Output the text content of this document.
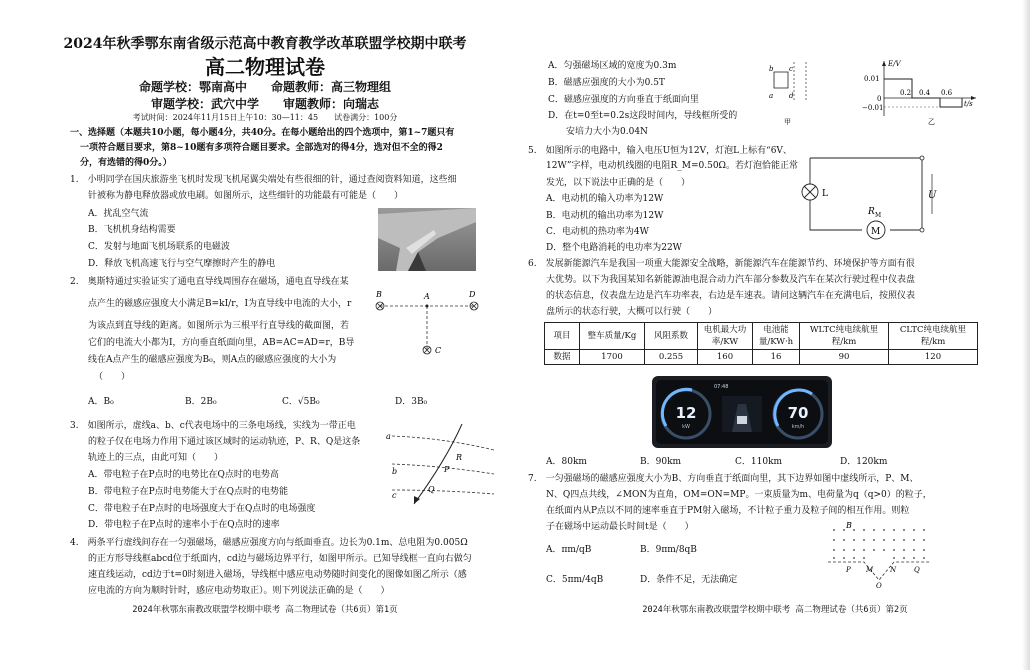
2024年秋季鄂东南省级示范高中教育教学改革联盟学校期中联考
高二物理试卷
命题学校：鄂南高中　　命题教师：高三物理组
审题学校：武穴中学　　审题教师：向瑞志
考试时间：2024年11月15日上午10：30—11：45　　试卷满分：100分
一、选择题（本题共10小题，每小题4分，共40分。在每小题给出的四个选项中，第1~7题只有
一项符合题目要求，第8~10题有多项符合题目要求。全部选对的得4分，选对但不全的得2
分，有选错的得0分。）
1.　小明同学在国庆旅游坐飞机时发现飞机尾翼尖端处有些很细的针，通过查阅资料知道，这些细
针被称为静电释放器或放电刷。如图所示，这些细针的功能最有可能是（　　）
A．扰乱空气流
B．飞机机身结构需要
C．发射与地面飞机场联系的电磁波
D．释放飞机高速飞行与空气摩擦时产生的静电
2.　奥斯特通过实验证实了通电直导线周围存在磁场，通电直导线在某
点产生的磁感应强度大小满足B=kI/r，I为直导线中电流的大小，r
为该点到直导线的距离。如图所示为三根平行直导线的截面图，若
它们的电流大小都为I，方向垂直纸面向里，AB=AC=AD=r，B导
线在A点产生的磁感应强度为B₀，则A点的磁感应强度的大小为
（　　）
A．B₀	B．2B₀	C．√5B₀	D．3B₀
B	A	D
C
3.　如图所示，虚线a、b、c代表电场中的三条电场线，实线为一带正电
的粒子仅在电场力作用下通过该区域时的运动轨迹，P、R、Q是这条
轨迹上的三点，由此可知（　　）
A．带电粒子在P点时的电势比在Q点时的电势高
B．带电粒子在P点时电势能大于在Q点时的电势能
C．带电粒子在P点时的电场强度大于在Q点时的电场强度
D．带电粒子在P点时的速率小于在Q点时的速率
a
b
c
R
P
Q
4.　两条平行虚线间存在一匀强磁场，磁感应强度方向与纸面垂直。边长为0.1m、总电阻为0.005Ω
的正方形导线框abcd位于纸面内，cd边与磁场边界平行，如图甲所示。已知导线框一直向右做匀
速直线运动，cd边于t=0时刻进入磁场，导线框中感应电动势随时间变化的图像如图乙所示（感
应电流的方向为顺时针时，感应电动势取正）。则下列说法正确的是（　　）
2024年秋鄂东南教改联盟学校期中联考 高二物理试卷（共6页）第1页
A．匀强磁场区域的宽度为0.3m
B．磁感应强度的大小为0.5T
C．磁感应强度的方向垂直于纸面向里
D．在t=0至t=0.2s这段时间内，导线框所受的
　　安培力大小为0.04N
b c
a d
甲
E/V
t/s
0.01
0
−0.01
0.2 0.4 0.6
乙
5.　如图所示的电路中，输入电压U恒为12V，灯泡L上标有“6V、
12W”字样，电动机线圈的电阻R_M=0.50Ω。若灯泡恰能正常
发光，以下说法中正确的是（　　）
A．电动机的输入功率为12W
B．电动机的输出功率为12W
C．电动机的热功率为4W
D．整个电路消耗的电功率为22W
L	U
R M
M
6.　发展新能源汽车是我国一项重大能源安全战略，新能源汽车在能源节约、环境保护等方面有很
大优势。以下为我国某知名新能源油电混合动力汽车部分参数及汽车在某次行驶过程中仪表盘
的状态信息，仪表盘左边是汽车功率表，右边是车速表。请问这辆汽车在充满电后，按照仪表
盘所示的状态行驶，大概可以行驶（　　）
项目	整车质量/Kg	风阻系数	电机最大功率/KW	电池能量/KW·h	WLTC纯电续航里程/km	CLTC纯电续航里程/km
数据	1700	0.255	160	16	90	120
12
kW
70
km/h
07:48
A．80km	B．90km	C．110km	D．120km
7.　一匀强磁场的磁感应强度大小为B、方向垂直于纸面向里，其下边界如图中虚线所示，P、M、
N、Q四点共线，∠MON为直角，OM=ON=MP。一束质量为m、电荷量为q（q>0）的粒子，
在纸面内从P点以不同的速率垂直于PM射入磁场，不计粒子重力及粒子间的相互作用。则粒
子在磁场中运动最长时间t是（　　）
A．πm/qB	B．9πm/8qB
C．5πm/4qB	D．条件不足，无法确定
B
P M N	Q
O
2024年秋鄂东南教改联盟学校期中联考 高二物理试卷（共6页）第2页
